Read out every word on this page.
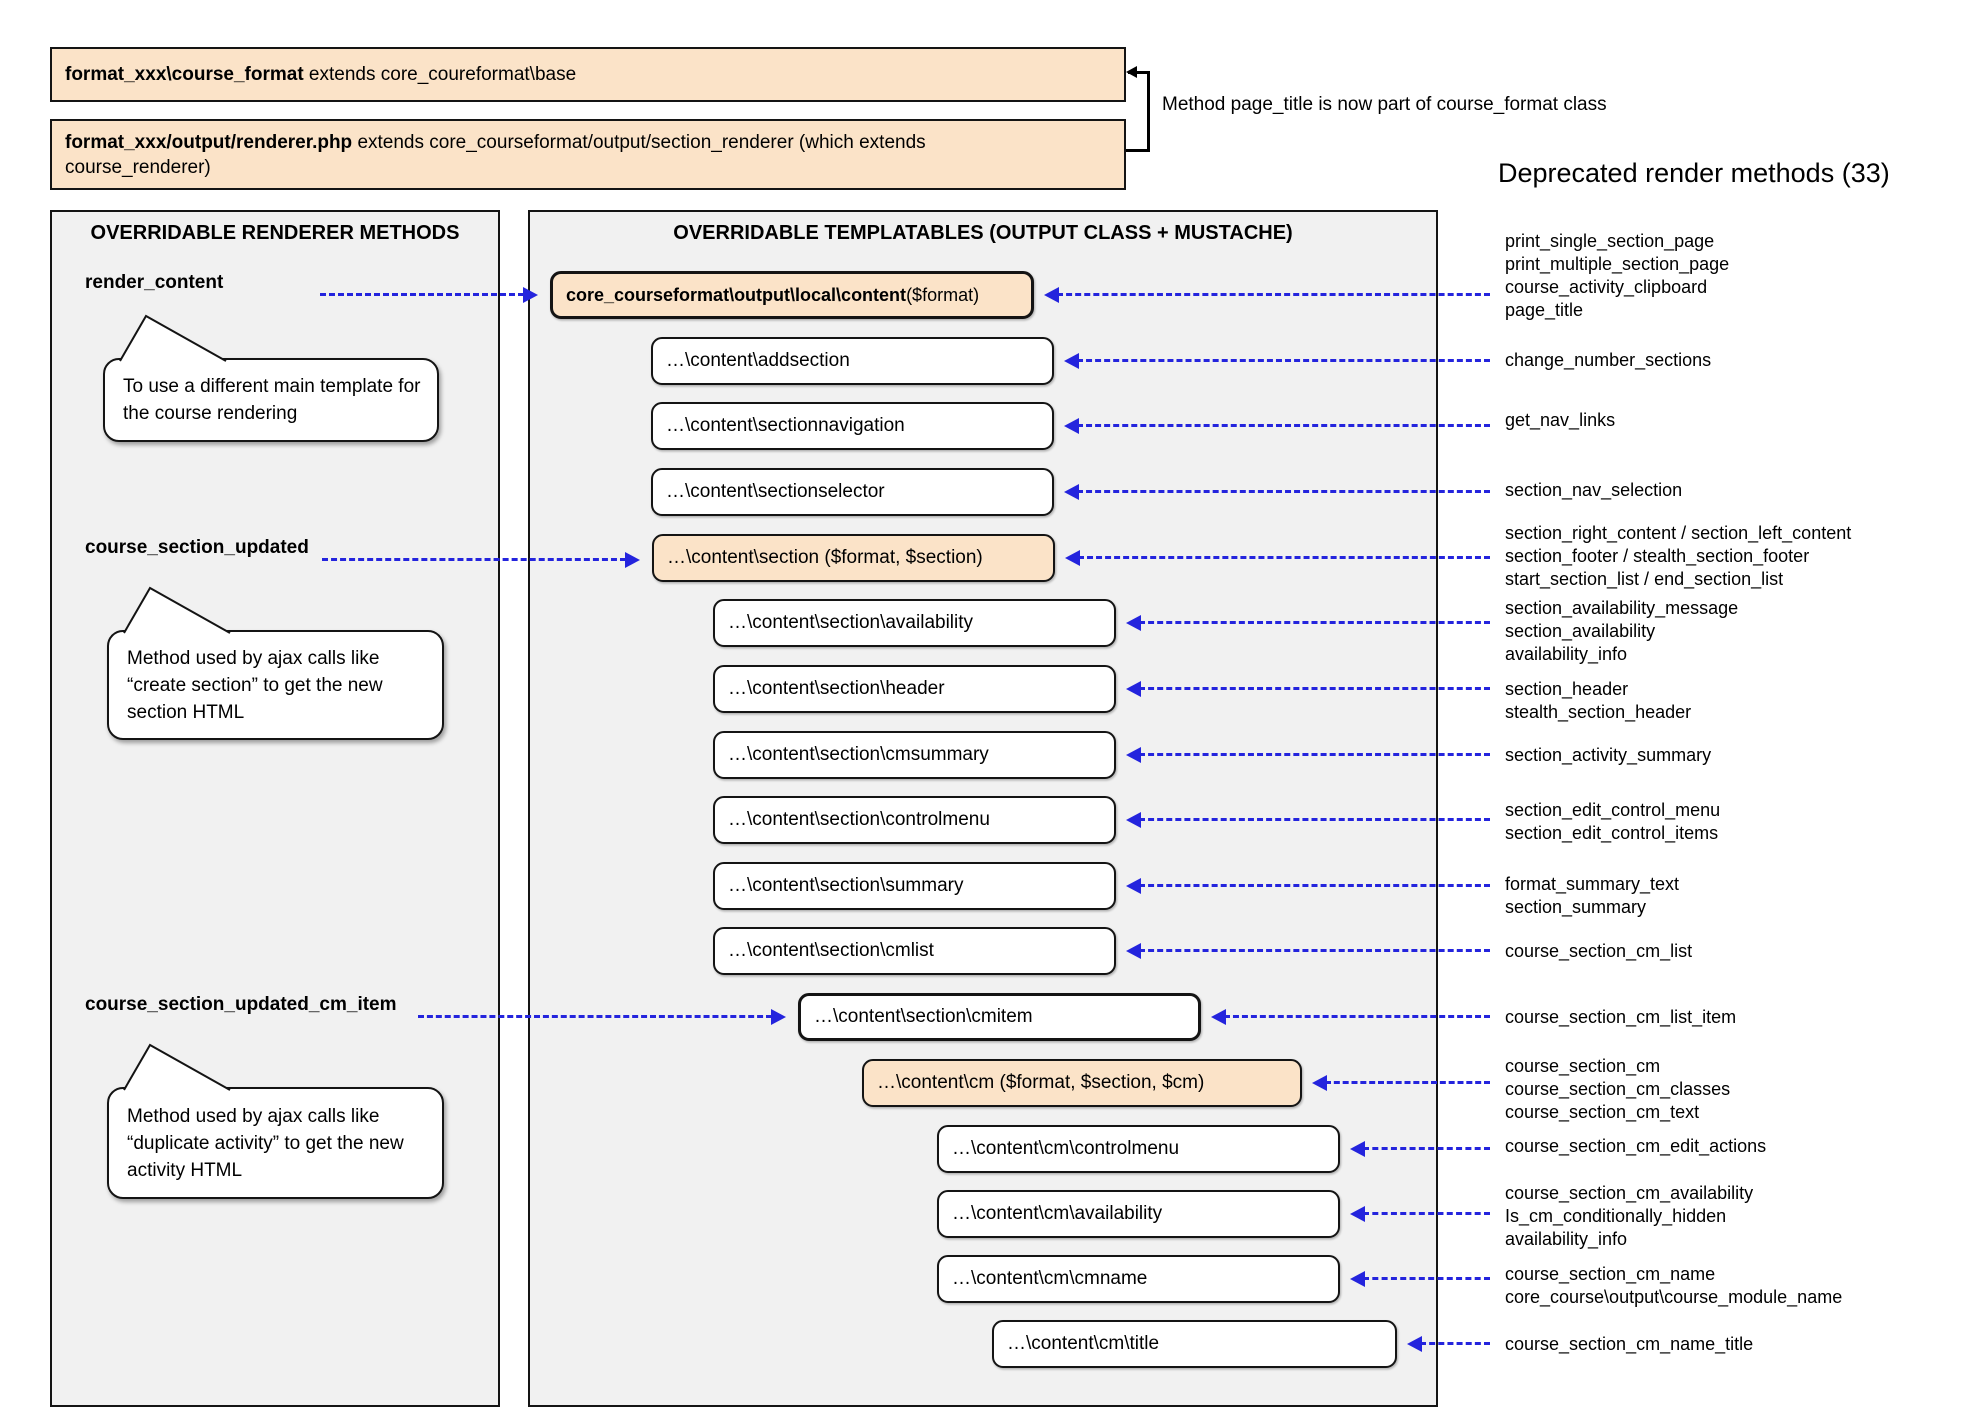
format_xxx\course_format extends core_coureformat\base
format_xxx/output/renderer.php extends core_courseformat/output/section_renderer (which extends
course_renderer)
Method page_title is now part of course_format class
Deprecated render methods (33)
OVERRIDABLE RENDERER METHODS	OVERRIDABLE TEMPLATABLES (OUTPUT CLASS + MUSTACHE)
core_courseformat\output\local\content ($format)
…\content\addsection
…\content\sectionnavigation
…\content\sectionselector
…\content\section ($format, $section)
…\content\section\availability
…\content\section\header
…\content\section\cmsummary
…\content\section\controlmenu
…\content\section\summary
…\content\section\cmlist
…\content\section\cmitem
…\content\cm ($format, $section, $cm)
…\content\cm\controlmenu
…\content\cm\availability
…\content\cm\cmname
…\content\cm\title
print_single_section_page
print_multiple_section_page
course_activity_clipboard
page_title
change_number_sections
get_nav_links
section_nav_selection
section_right_content / section_left_content
section_footer / stealth_section_footer
start_section_list / end_section_list
section_availability_message
section_availability
availability_info
section_header
stealth_section_header
section_activity_summary
section_edit_control_menu
section_edit_control_items
format_summary_text
section_summary
course_section_cm_list
course_section_cm_list_item
course_section_cm
course_section_cm_classes
course_section_cm_text
course_section_cm_edit_actions
course_section_cm_availability
Is_cm_conditionally_hidden
availability_info
course_section_cm_name
core_course\output\course_module_name
course_section_cm_name_title
render_content
To use a different main template for
the course rendering
course_section_updated
Method used by ajax calls like
“create section” to get the new
section HTML
course_section_updated_cm_item
Method used by ajax calls like
“duplicate activity” to get the new
activity HTML
